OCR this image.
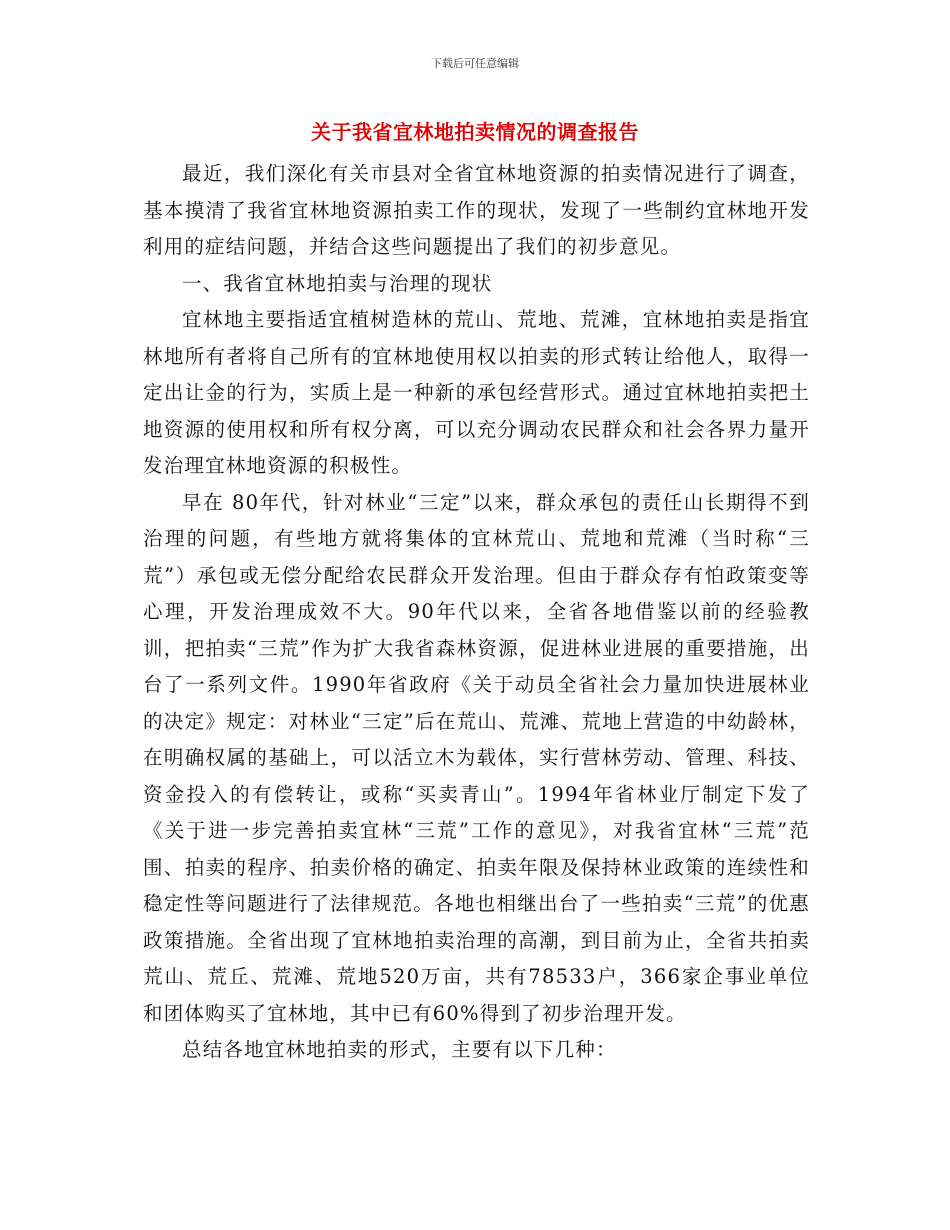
下载后可任意编辑
关于我省宜林地拍卖情况的调查报告

最近，我们深化有关市县对全省宜林地资源的拍卖情况进行了调查，基本摸清了我省宜林地资源拍卖工作的现状，发现了一些制约宜林地开发利用的症结问题，并结合这些问题提出了我们的初步意见。

一、我省宜林地拍卖与治理的现状

宜林地主要指适宜植树造林的荒山、荒地、荒滩，宜林地拍卖是指宜林地所有者将自己所有的宜林地使用权以拍卖的形式转让给他人，取得一定出让金的行为，实质上是一种新的承包经营形式。通过宜林地拍卖把土地资源的使用权和所有权分离，可以充分调动农民群众和社会各界力量开发治理宜林地资源的积极性。

早在 80年代，针对林业“三定”以来，群众承包的责任山长期得不到治理的问题，有些地方就将集体的宜林荒山、荒地和荒滩（当时称“三荒”）承包或无偿分配给农民群众开发治理。但由于群众存有怕政策变等心理，开发治理成效不大。90年代以来，全省各地借鉴以前的经验教训，把拍卖“三荒”作为扩大我省森林资源，促进林业进展的重要措施，出台了一系列文件。1990年省政府《关于动员全省社会力量加快进展林业的决定》规定：对林业“三定”后在荒山、荒滩、荒地上营造的中幼龄林，在明确权属的基础上，可以活立木为载体，实行营林劳动、管理、科技、资金投入的有偿转让，或称“买卖青山”。1994年省林业厅制定下发了《关于进一步完善拍卖宜林“三荒”工作的意见》，对我省宜林“三荒”范围、拍卖的程序、拍卖价格的确定、拍卖年限及保持林业政策的连续性和稳定性等问题进行了法律规范。各地也相继出台了一些拍卖“三荒”的优惠政策措施。全省出现了宜林地拍卖治理的高潮，到目前为止，全省共拍卖荒山、荒丘、荒滩、荒地520万亩，共有78533户，366家企事业单位和团体购买了宜林地，其中已有60%得到了初步治理开发。

总结各地宜林地拍卖的形式，主要有以下几种：
